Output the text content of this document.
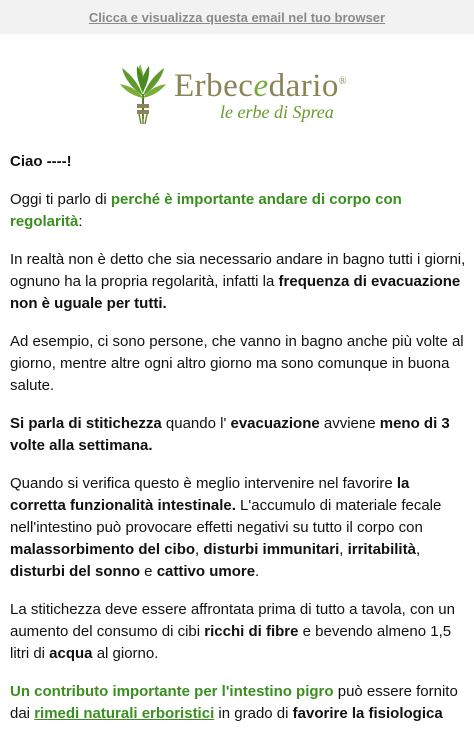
Clicca e visualizza questa email nel tuo browser
Erbecedario®
le erbe di Sprea

Ciao ----!

Oggi ti parlo di perché è importante andare di corpo con regolarità:

In realtà non è detto che sia necessario andare in bagno tutti i giorni, ognuno ha la propria regolarità, infatti la frequenza di evacuazione non è uguale per tutti.

Ad esempio, ci sono persone, che vanno in bagno anche più volte al giorno, mentre altre ogni altro giorno ma sono comunque in buona salute.

Si parla di stitichezza quando l' evacuazione avviene meno di 3 volte alla settimana.

Quando si verifica questo è meglio intervenire nel favorire la corretta funzionalità intestinale. L'accumulo di materiale fecale nell'intestino può provocare effetti negativi su tutto il corpo con malassorbimento del cibo, disturbi immunitari, irritabilità, disturbi del sonno e cattivo umore.

La stitichezza deve essere affrontata prima di tutto a tavola, con un aumento del consumo di cibi ricchi di fibre e bevendo almeno 1,5 litri di acqua al giorno.

Un contributo importante per l'intestino pigro può essere fornito dai rimedi naturali erboristici in grado di favorire la fisiologica
